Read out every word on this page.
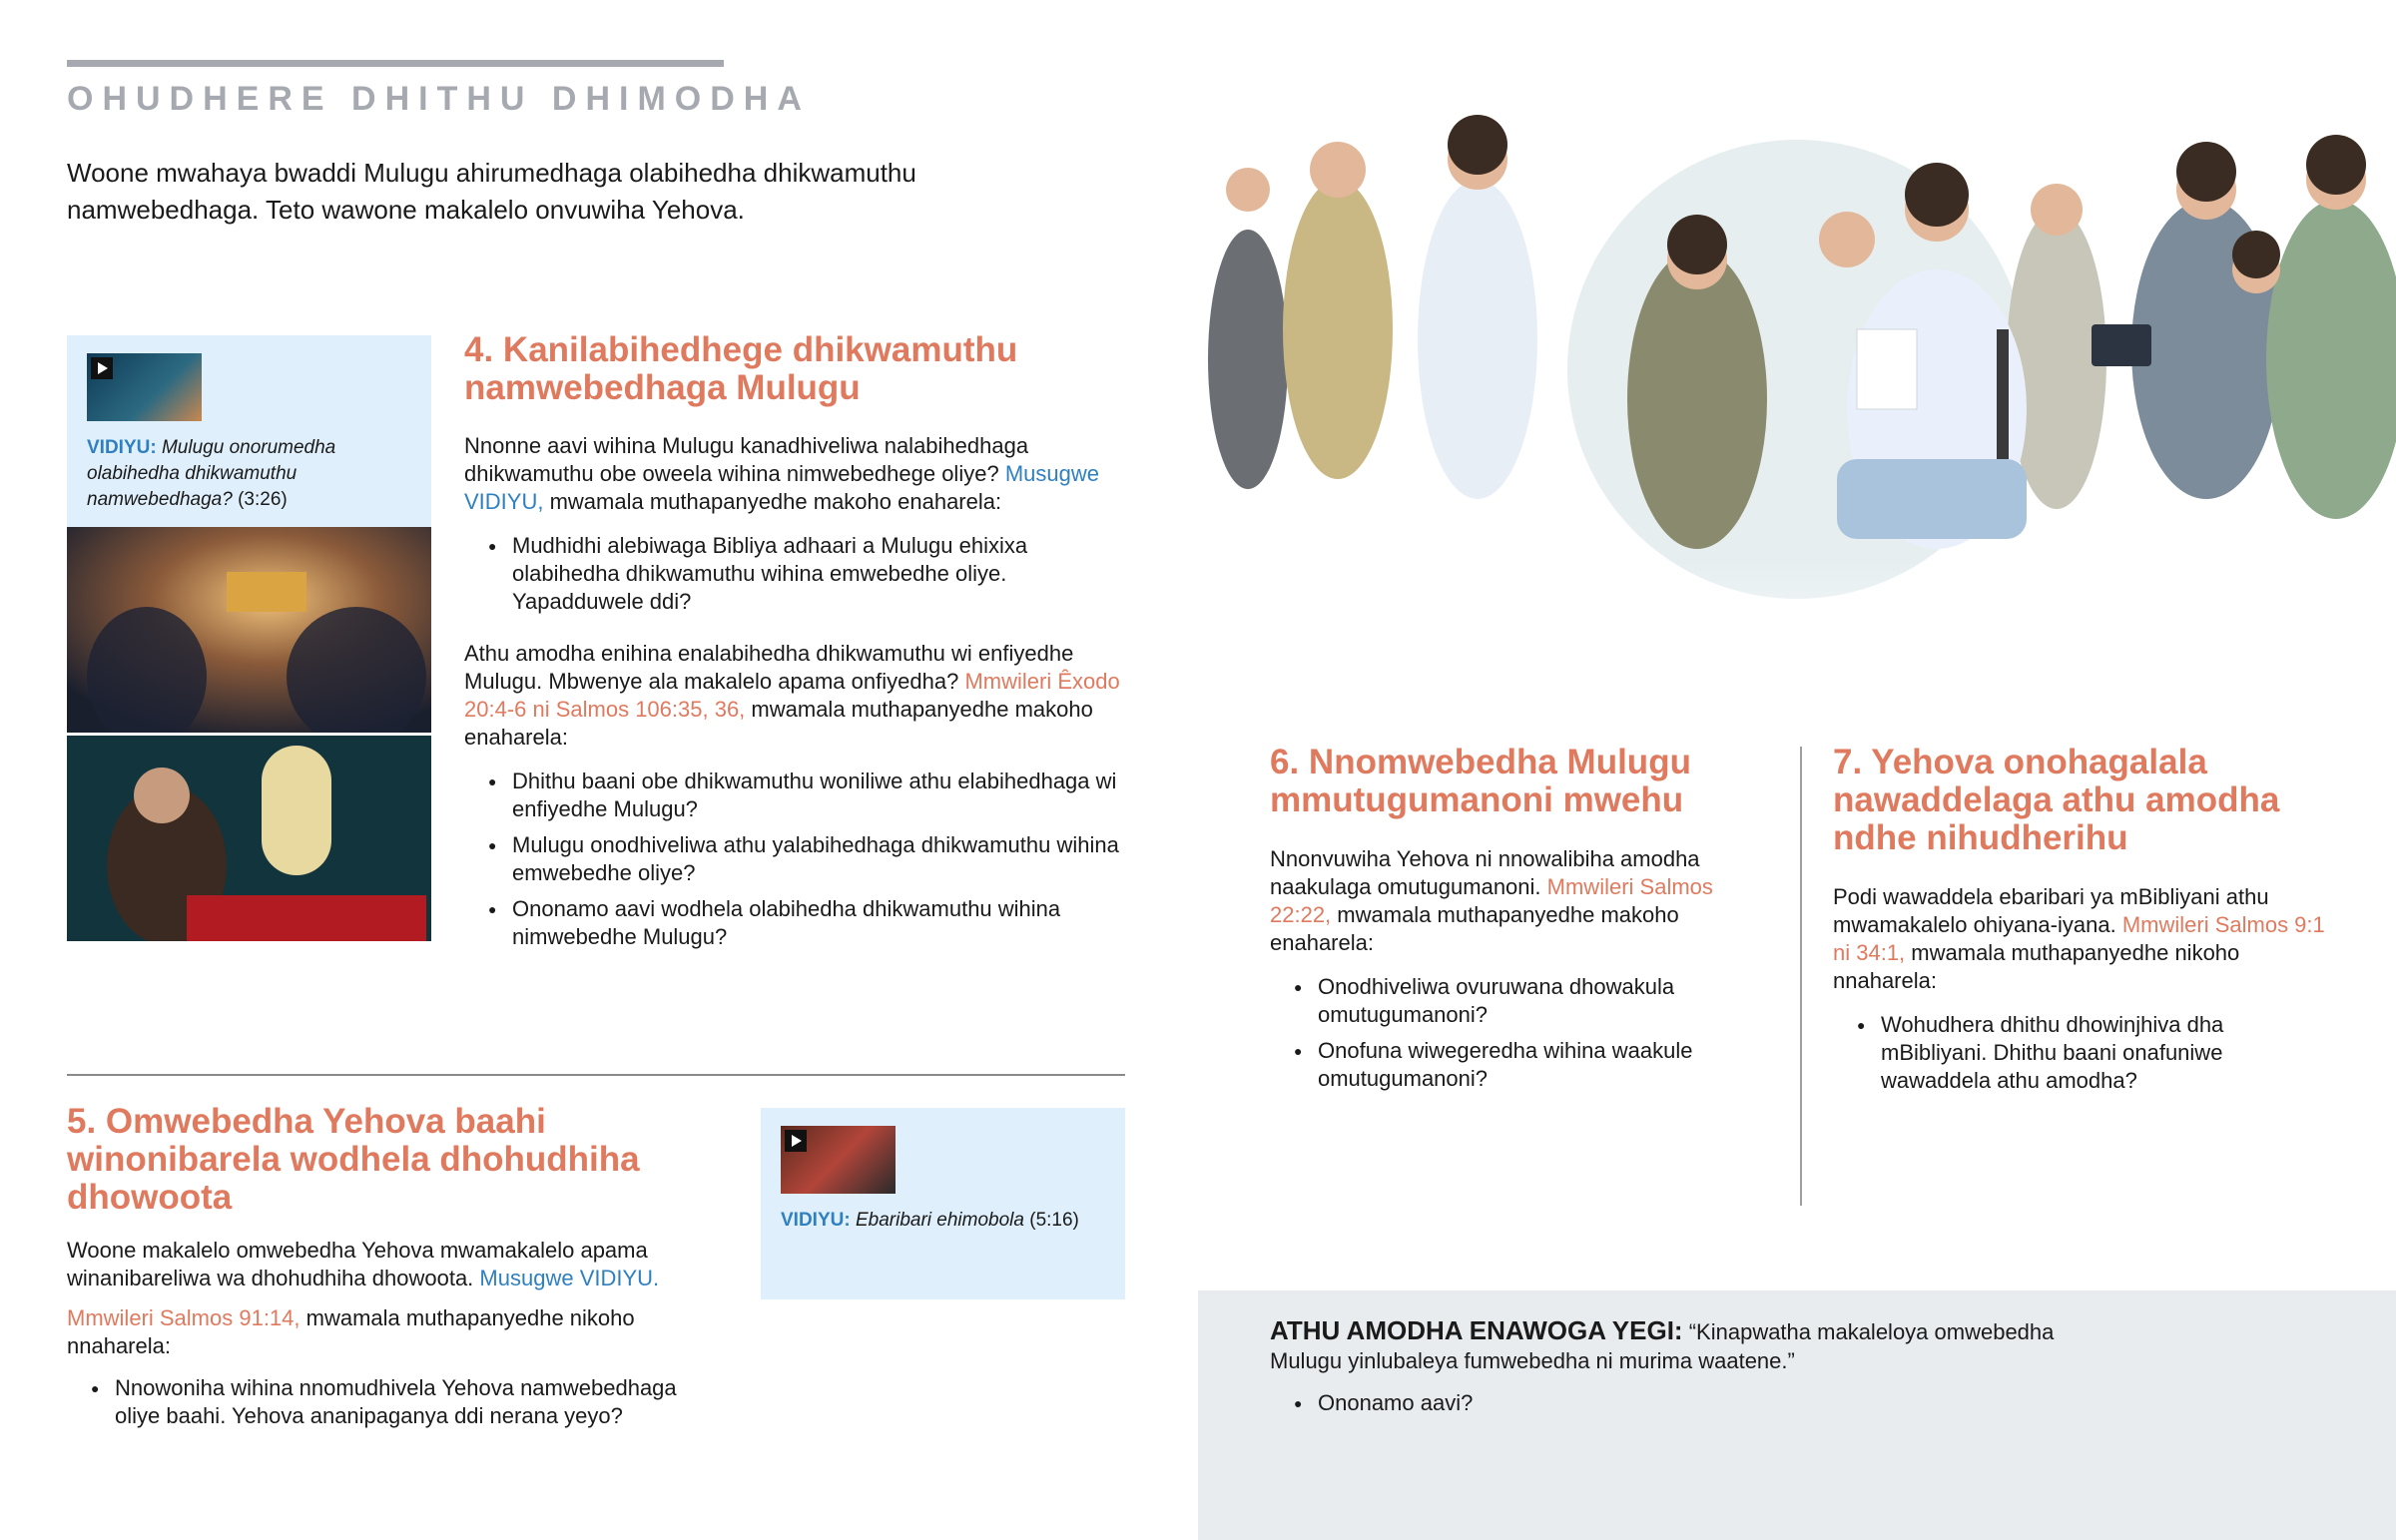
OHUDHERE DHITHU DHIMODHA
Woone mwahaya bwaddi Mulugu ahirumedhaga olabihedha dhikwamuthu namwebedhaga. Teto wawone makalelo onvuwiha Yehova.
VIDIYU: Mulugu onorumedha olabihedha dhikwamuthu namwebedhaga? (3:26)
4. Kanilabihedhege dhikwamuthu namwebedhaga Mulugu

Nnonne aavi wihina Mulugu kanadhiveliwa nalabihedhaga dhikwamuthu obe oweela wihina nimwebedhege oliye? Musugwe VIDIYU, mwamala muthapanyedhe makoho enaharela:

● Mudhidhi alebiwaga Bibliya adhaari a Mulugu ehixixa olabihedha dhikwamuthu wihina emwebedhe oliye. Yapadduwele ddi?

Athu amodha enihina enalabihedha dhikwamuthu wi enfiyedhe Mulugu. Mbwenye ala makalelo apama onfiyedha? Mmwileri Êxodo 20:4-6 ni Salmos 106:35, 36, mwamala muthapanyedhe makoho enaharela:

● Dhithu baani obe dhikwamuthu woniliwe athu elabihedhaga wi enfiyedhe Mulugu?
● Mulugu onodhiveliwa athu yalabihedhaga dhikwamuthu wihina emwebedhe oliye?
● Ononamo aavi wodhela olabihedha dhikwamuthu wihina nimwebedhe Mulugu?
5. Omwebedha Yehova baahi winonibarela wodhela dhohudhiha dhowoota

Woone makalelo omwebedha Yehova mwamakalelo apama winanibareliwa wa dhohudhiha dhowoota. Musugwe VIDIYU.

Mmwileri Salmos 91:14, mwamala muthapanyedhe nikoho nnaharela:

● Nnowoniha wihina nnomudhivela Yehova namwebedhaga oliye baahi. Yehova ananipaganya ddi nerana yeyo?
VIDIYU: Ebaribari ehimobola (5:16)
6. Nnomwebedha Mulugu mmutugumanoni mwehu

Nnonvuwiha Yehova ni nnowalibiha amodha naakulaga omutugumanoni. Mmwileri Salmos 22:22, mwamala muthapanyedhe makoho enaharela:

● Onodhiveliwa ovuruwana dhowakula omutugumanoni?
● Onofuna wiwegeredha wihina waakule omutugumanoni?
7. Yehova onohagalala nawaddelaga athu amodha ndhe nihudherihu

Podi wawaddela ebaribari ya mBibliyani athu mwamakalelo ohiyana-iyana. Mmwileri Salmos 9:1 ni 34:1, mwamala muthapanyedhe nikoho nnaharela:

● Wohudhera dhithu dhowinjhiva dha mBibliyani. Dhithu baani onafuniwe wawaddela athu amodha?

ATHU AMODHA ENAWOGA YEGI: “Kinapwatha makaleloya omwebedha Mulugu yinlubaleya fumwebedha ni murima waatene.”

● Ononamo aavi?
